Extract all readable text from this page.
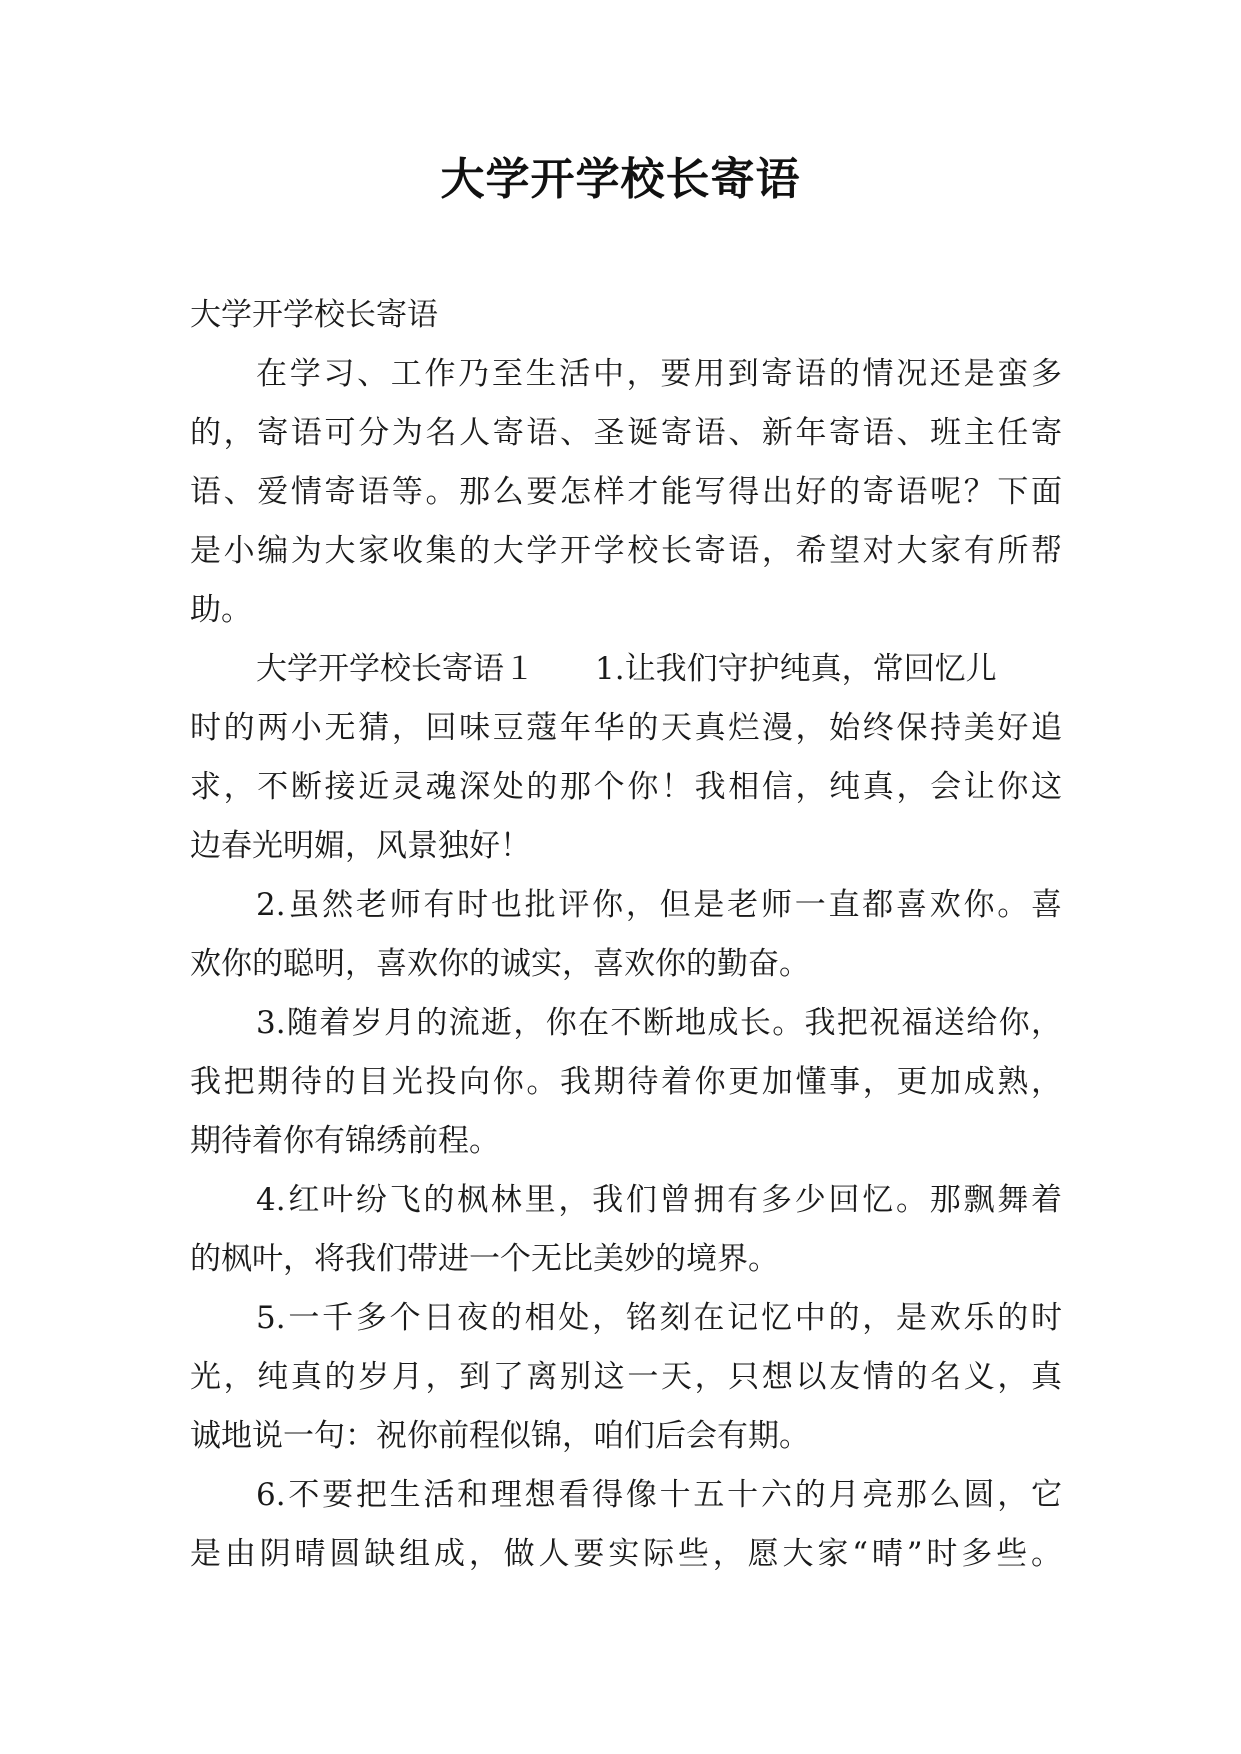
大学开学校长寄语
大学开学校长寄语
在学习、工作乃至生活中，要用到寄语的情况还是蛮多
的，寄语可分为名人寄语、圣诞寄语、新年寄语、班主任寄
语、爱情寄语等。那么要怎样才能写得出好的寄语呢？下面
是小编为大家收集的大学开学校长寄语，希望对大家有所帮
助。
大学开学校长寄语１ 1.让我们守护纯真，常回忆儿
时的两小无猜，回味豆蔻年华的天真烂漫，始终保持美好追
求，不断接近灵魂深处的那个你！我相信，纯真，会让你这
边春光明媚，风景独好！
2.虽然老师有时也批评你，但是老师一直都喜欢你。喜
欢你的聪明，喜欢你的诚实，喜欢你的勤奋。
3.随着岁月的流逝，你在不断地成长。我把祝福送给你，
我把期待的目光投向你。我期待着你更加懂事，更加成熟，
期待着你有锦绣前程。
4.红叶纷飞的枫林里，我们曾拥有多少回忆。那飘舞着
的枫叶，将我们带进一个无比美妙的境界。
5.一千多个日夜的相处，铭刻在记忆中的，是欢乐的时
光，纯真的岁月，到了离别这一天，只想以友情的名义，真
诚地说一句：祝你前程似锦，咱们后会有期。
6.不要把生活和理想看得像十五十六的月亮那么圆，它
是由阴晴圆缺组成，做人要实际些，愿大家“晴”时多些。
